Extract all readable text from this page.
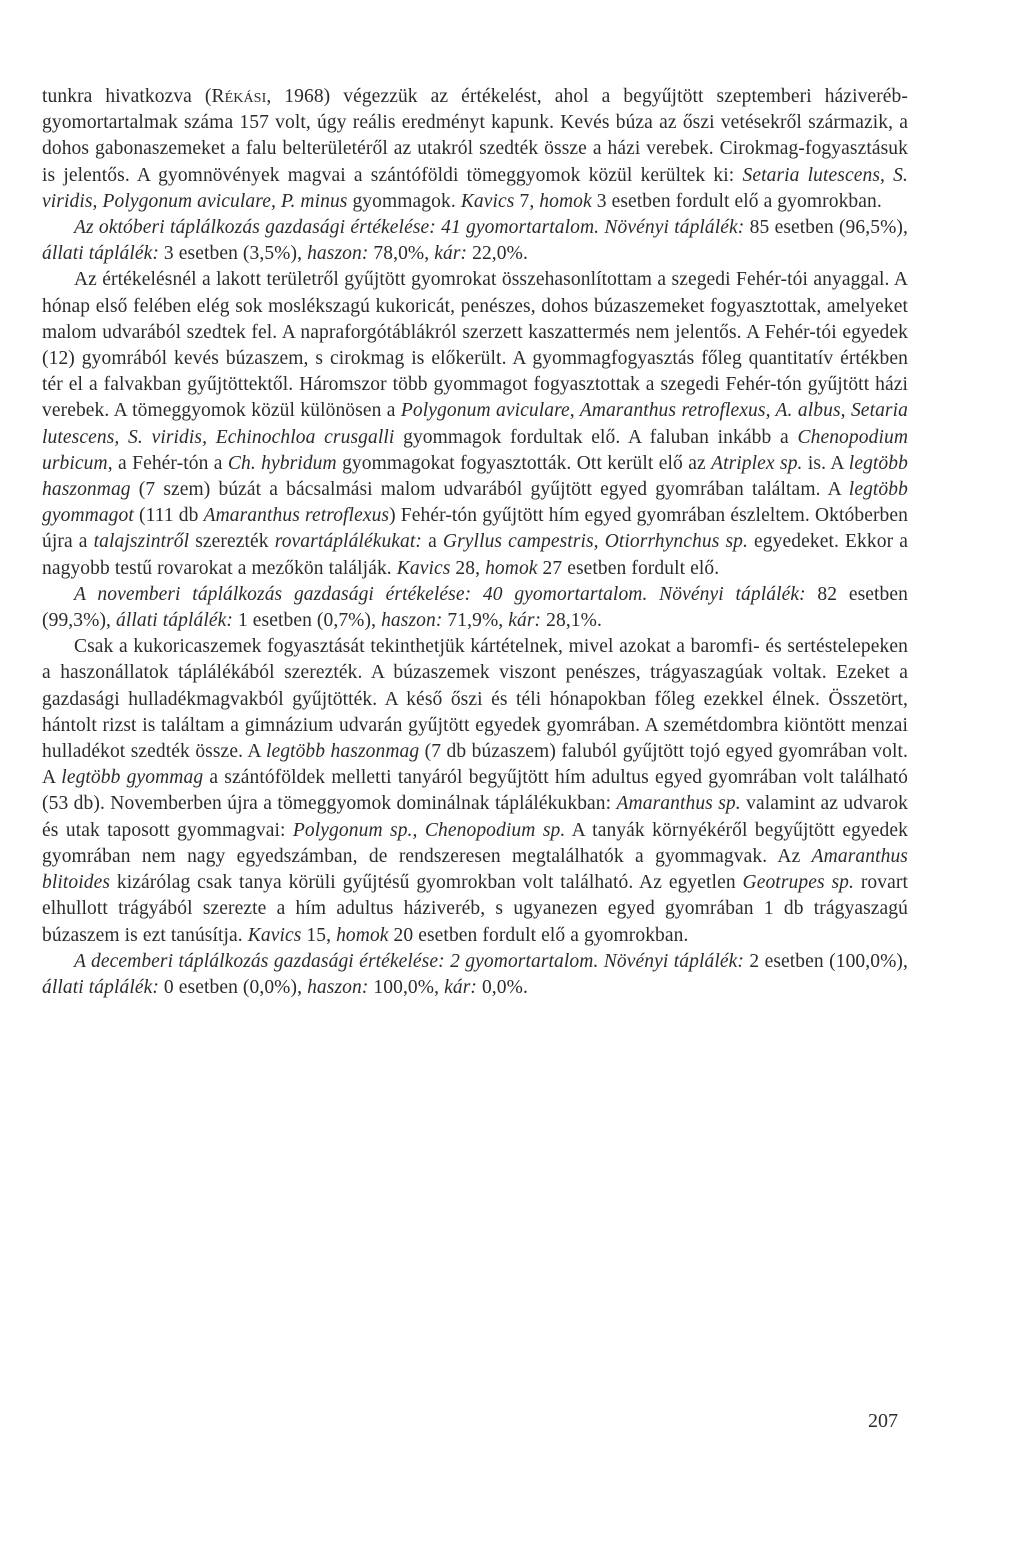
tunkra hivatkozva (Rékási, 1968) végezzük az értékelést, ahol a begyűjtött szeptemberi háziveréb-gyomortartalmak száma 157 volt, úgy reális eredményt kapunk. Kevés búza az őszi vetésekről származik, a dohos gabonaszemeket a falu belterületéről az utakról szedték össze a házi verebek. Cirokmag-fogyasztásuk is jelentős. A gyomnövények magvai a szántóföldi tömeggyomok közül kerültek ki: Setaria lutescens, S. viridis, Polygonum aviculare, P. minus gyommagok. Kavics 7, homok 3 esetben fordult elő a gyomrokban.

Az októberi táplálkozás gazdasági értékelése: 41 gyomortartalom. Növényi táplálék: 85 esetben (96,5%), állati táplálék: 3 esetben (3,5%), haszon: 78,0%, kár: 22,0%.

Az értékelésnél a lakott területről gyűjtött gyomrokat összehasonlítottam a szegedi Fehér-tói anyaggal. A hónap első felében elég sok moslékszagú kukoricát, penészes, dohos búzaszemeket fogyasztottak, amelyeket malom udvarából szedtek fel. A napraforgótáblákról szerzett kaszattermés nem jelentős. A Fehér-tói egyedek (12) gyomrából kevés búzaszem, s cirokmag is előkerült. A gyommagfogyasztás főleg quantitatív értékben tér el a falvakban gyűjtöttektől. Háromszor több gyommagot fogyasztottak a szegedi Fehér-tón gyűjtött házi verebek. A tömeggyomok közül különösen a Polygonum aviculare, Amaranthus retroflexus, A. albus, Setaria lutescens, S. viridis, Echinochloa crusgalli gyommagok fordultak elő. A faluban inkább a Chenopodium urbicum, a Fehér-tón a Ch. hybridum gyommagokat fogyasztották. Ott került elő az Atriplex sp. is. A legtöbb haszonmag (7 szem) búzát a bácsalmási malom udvarából gyűjtött egyed gyomrában találtam. A legtöbb gyommagot (111 db Amaranthus retroflexus) Fehér-tón gyűjtött hím egyed gyomrában észleltem. Októberben újra a talajszintről szerezték rovartáplálékukat: a Gryllus campestris, Otiorrhynchus sp. egyedeket. Ekkor a nagyobb testű rovarokat a mezőkön találják. Kavics 28, homok 27 esetben fordult elő.

A novemberi táplálkozás gazdasági értékelése: 40 gyomortartalom. Növényi táplálék: 82 esetben (99,3%), állati táplálék: 1 esetben (0,7%), haszon: 71,9%, kár: 28,1%.

Csak a kukoricaszemek fogyasztását tekinthetjük kártételnek, mivel azokat a baromfi- és sertéstelepeken a haszonállatok táplálékából szerezték. A búzaszemek viszont penészes, trágyaszagúak voltak. Ezeket a gazdasági hulladékmagvakból gyűjtötték. A késő őszi és téli hónapokban főleg ezekkel élnek. Összetört, hántolt rizst is találtam a gimnázium udvarán gyűjtött egyedek gyomrában. A szemétdombra kiöntött menzai hulladékot szedték össze. A legtöbb haszonmag (7 db búzaszem) faluból gyűjtött tojó egyed gyomrában volt. A legtöbb gyommag a szántóföldek melletti tanyáról begyűjtött hím adultus egyed gyomrában volt található (53 db). Novemberben újra a tömeggyomok dominálnak táplálékukban: Amaranthus sp. valamint az udvarok és utak taposott gyommagvai: Polygonum sp., Chenopodium sp. A tanyák környékéről begyűjtött egyedek gyomrában nem nagy egyedszámban, de rendszeresen megtalálhatók a gyommagvak. Az Amaranthus blitoides kizárólag csak tanya körüli gyűjtésű gyomrokban volt található. Az egyetlen Geotrupes sp. rovart elhullott trágyából szerezte a hím adultus háziveréb, s ugyanezen egyed gyomrában 1 db trágyaszagú búzaszem is ezt tanúsítja. Kavics 15, homok 20 esetben fordult elő a gyomrokban.

A decemberi táplálkozás gazdasági értékelése: 2 gyomortartalom. Növényi táplálék: 2 esetben (100,0%), állati táplálék: 0 esetben (0,0%), haszon: 100,0%, kár: 0,0%.

207
